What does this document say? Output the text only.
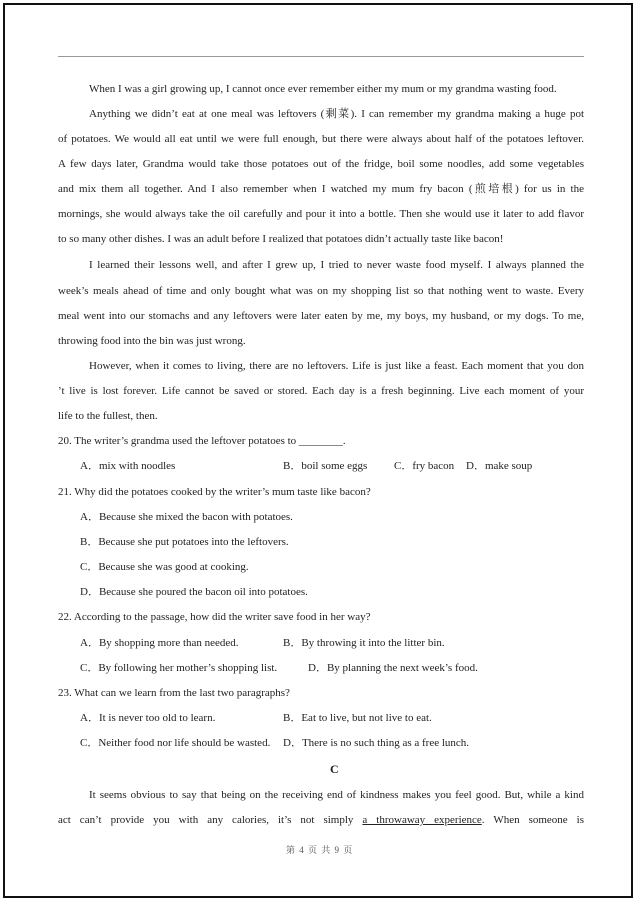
When I was a girl growing up, I cannot once ever remember either my mum or my grandma wasting food.

Anything we didn’t eat at one meal was leftovers (剩菜). I can remember my grandma making a huge pot

of potatoes. We would all eat until we were full enough, but there were always about half of the potatoes leftover.

A few days later, Grandma would take those potatoes out of the fridge, boil some noodles, add some vegetables

and mix them all together. And I also remember when I watched my mum fry bacon (煎培根) for us in the

mornings, she would always take the oil carefully and pour it into a bottle. Then she would use it later to add flavor

to so many other dishes. I was an adult before I realized that potatoes didn’t actually taste like bacon!

I learned their lessons well, and after I grew up, I tried to never waste food myself. I always planned the

week’s meals ahead of time and only bought what was on my shopping list so that nothing went to waste. Every

meal went into our stomachs and any leftovers were later eaten by me, my boys, my husband, or my dogs. To me,

throwing food into the bin was just wrong.

However, when it comes to living, there are no leftovers. Life is just like a feast. Each moment that you don

’t live is lost forever. Life cannot be saved or stored. Each day is a fresh beginning. Live each moment of your

life to the fullest, then.

20. The writer’s grandma used the leftover potatoes to ________.

A．mix with noodles	B．boil some eggs C．fry bacon D．make soup

21. Why did the potatoes cooked by the writer’s mum taste like bacon?

A．Because she mixed the bacon with potatoes.

B．Because she put potatoes into the leftovers.

C．Because she was good at cooking.

D．Because she poured the bacon oil into potatoes.

22. According to the passage, how did the writer save food in her way?

A．By shopping more than needed.	B．By throwing it into the litter bin.

C．By following her mother’s shopping list.	D．By planning the next week’s food.

23. What can we learn from the last two paragraphs?

A．It is never too old to learn.	B．Eat to live, but not live to eat.

C．Neither food nor life should be wasted. D．There is no such thing as a free lunch.

C

It seems obvious to say that being on the receiving end of kindness makes you feel good. But, while a kind

act can’t provide you with any calories, it’s not simply a throwaway experience. When someone is

第 4 页 共 9 页
